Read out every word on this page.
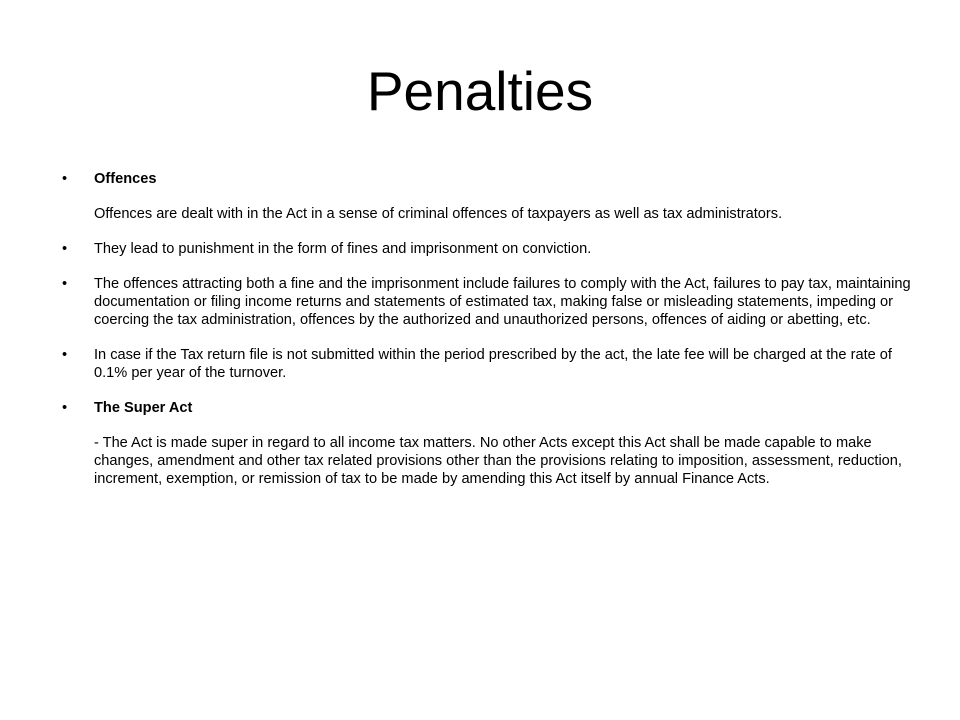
Penalties
•	Offences
Offences are dealt with in the Act in a sense of criminal offences of taxpayers as well as tax administrators.
•	They lead to punishment in the form of fines and imprisonment on conviction.
•	The offences attracting both a fine and the imprisonment include failures to comply with the Act, failures to pay tax, maintaining documentation or filing income returns and statements of estimated tax, making false or misleading statements, impeding or coercing the tax administration, offences by the authorized and unauthorized persons, offences of aiding or abetting, etc.
•	In case if the Tax return file is not submitted within the period prescribed by the act, the late fee will be charged at the rate of 0.1% per year of the turnover.
•	The Super Act
- The Act is made super in regard to all income tax matters. No other Acts except this Act shall be made capable to make changes, amendment and other tax related provisions other than the provisions relating to imposition, assessment, reduction, increment, exemption, or remission of tax to be made by amending this Act itself by annual Finance Acts.
